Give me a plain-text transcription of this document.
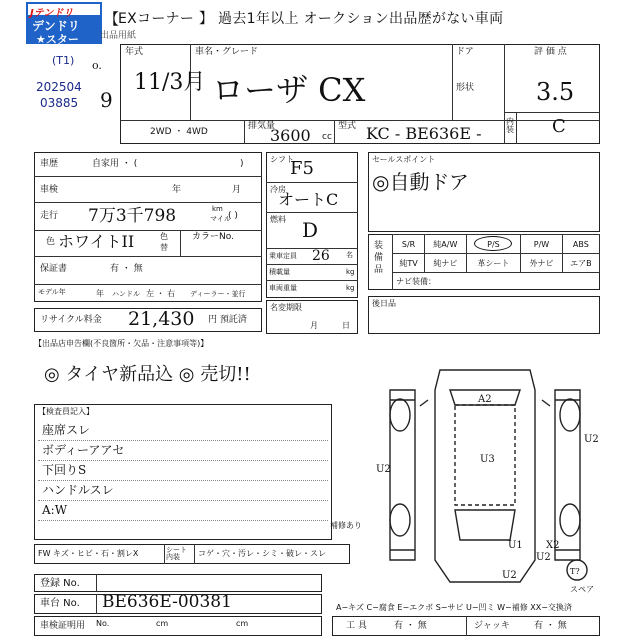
Jテンドリ
デンドリ
★スター
【
EXコーナー 】 過去1年以上 オークション出品歴がない車両
出品用紙
(T1)
202504
03885
o.
9
年式
11/3月
車名・グレード
ローザ CX
ドア
形状
評 価 点
3.5
内 装 C
2WD ・ 4WD
排気量
cc
3600	型式 KC - BE636E -
車歴	自家用 ・ (	)
車検	年	月
走行 7万3千798	km
マイル
( )
色 ホワイトII	色
替
カラーNo.
保証書	有 ・ 無
モデル年	年 ハンドル 左 ・ 右 ディーラー・並行
リサイクル料金 21,430 円 預託済
シフト
F5
冷房
オートC
燃料 D
乗車定員 26 名
積載量	kg
車両重量	kg
名変期限
月	日
セールスポイント
◎自動ドア
装備品
S/R	純A/W	P/S	P/W	ABS
純TV	純ナビ	革シート	外ナビ	エアB
ナビ装備：
後日品
【出品店申告欄(不良箇所・欠品・注意事項等)】
◎ タイヤ新品込 ◎ 売切!!
【検査員記入】
座席スレ
ボディーアアセ
下回りS
ハンドルスレ
A:W
FW キズ・ヒビ・石・割レX	シート 内装	コゲ・穴・汚レ・シミ・破レ・スレ
A2
U3
U2
U2
U1 X2
U2
U2
補修あり
T?
スペア
登録 No.
車台 No. BE636E-00381
車検証明用 No.	cm	cm
A−キズ C−腐食 E−エクボ S−サビ U−凹ミ W−補修 XX−交換済
工 具	有 ・ 無	ジャッキ	有 ・ 無
